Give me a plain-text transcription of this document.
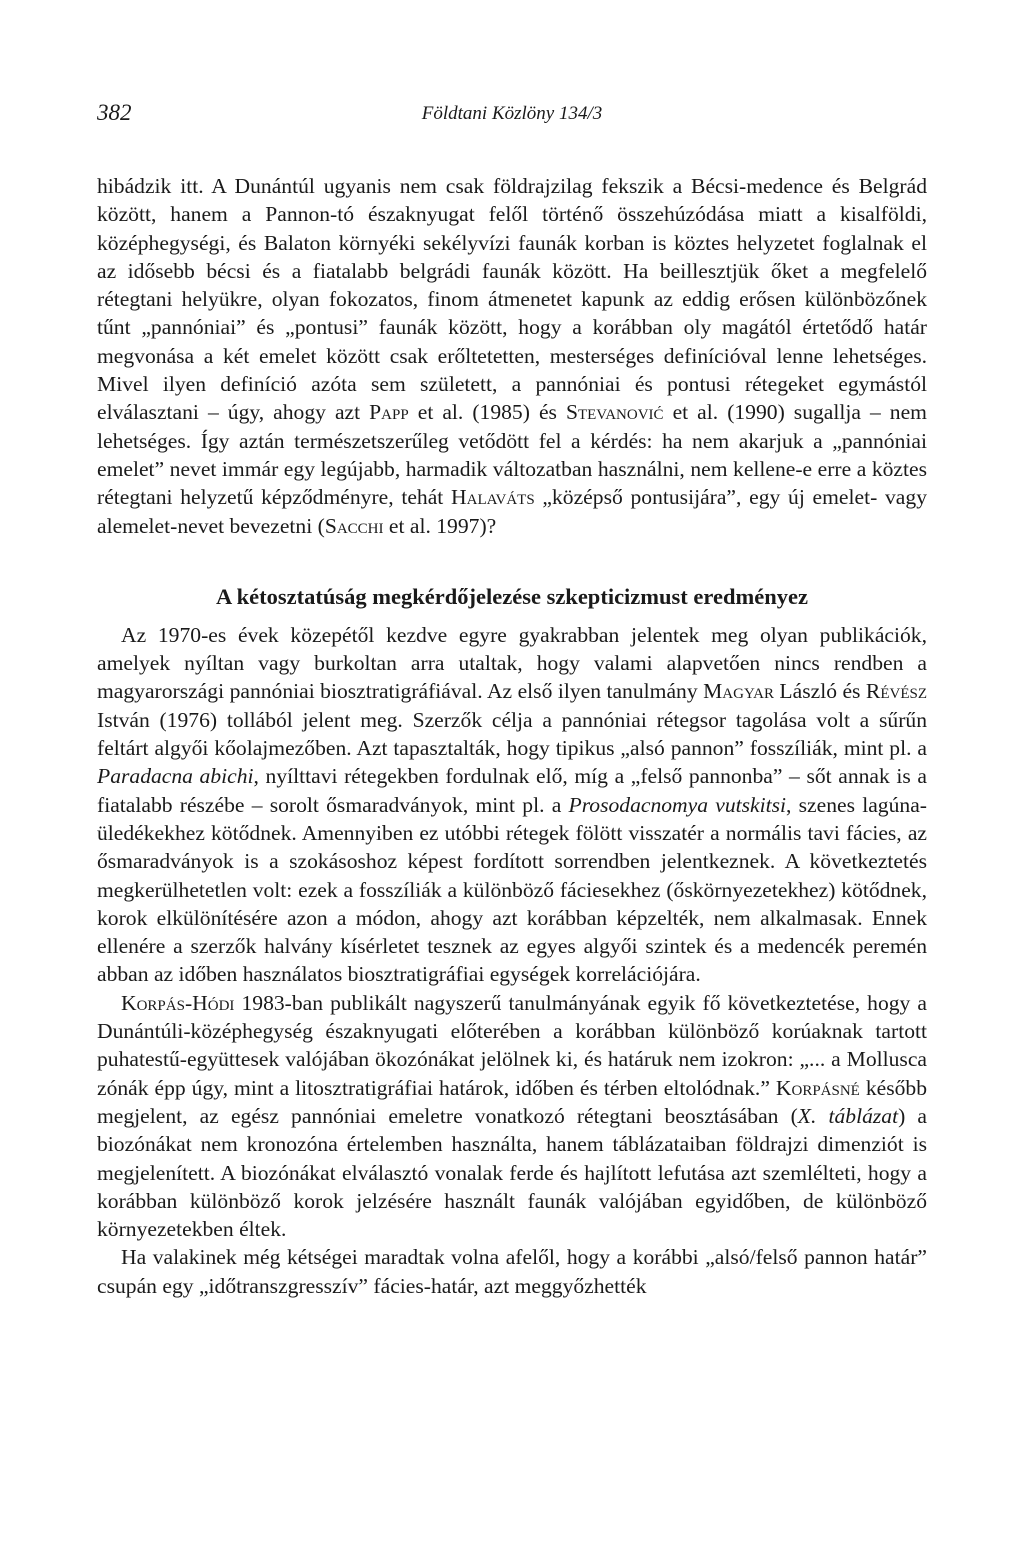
382	Földtani Közlöny 134/3

hibádzik itt. A Dunántúl ugyanis nem csak földrajzilag fekszik a Bécsi-medence és Belgrád között, hanem a Pannon-tó északnyugat felől történő összehúzódása miatt a kisalföldi, középhegységi, és Balaton környéki sekélyvízi faunák korban is köztes helyzetet foglalnak el az idősebb bécsi és a fiatalabb belgrádi faunák között. Ha beillesztjük őket a megfelelő rétegtani helyükre, olyan fokozatos, finom átmenetet kapunk az eddig erősen különbözőnek tűnt „pannóniai” és „pontusi” faunák között, hogy a korábban oly magától értetődő határ megvonása a két emelet között csak erőltetetten, mesterséges definícióval lenne lehetséges. Mivel ilyen definíció azóta sem született, a pannóniai és pontusi rétegeket egymástól elválasztani – úgy, ahogy azt Papp et al. (1985) és Stevanović et al. (1990) sugallja – nem lehetséges. Így aztán természetszerűleg vetődött fel a kérdés: ha nem akarjuk a „pannóniai emelet” nevet immár egy legújabb, harmadik változatban használni, nem kellene-e erre a köztes rétegtani helyzetű képződményre, tehát Halaváts „középső pontusijára”, egy új emelet- vagy alemelet-nevet bevezetni (Sacchi et al. 1997)?

A kétosztatúság megkérdőjelezése szkepticizmust eredményez

Az 1970-es évek közepétől kezdve egyre gyakrabban jelentek meg olyan publikációk, amelyek nyíltan vagy burkoltan arra utaltak, hogy valami alapvetően nincs rendben a magyarországi pannóniai biosztratigráfiával. Az első ilyen tanulmány Magyar László és Révész István (1976) tollából jelent meg. Szerzők célja a pannóniai rétegsor tagolása volt a sűrűn feltárt algyői kőolajmezőben. Azt tapasztalták, hogy tipikus „alsó pannon” fosszíliák, mint pl. a Paradacna abichi, nyílttavi rétegekben fordulnak elő, míg a „felső pannonba” – sőt annak is a fiatalabb részébe – sorolt ősmaradványok, mint pl. a Prosodacnomya vutskitsi, szenes lagúna-üledékekhez kötődnek. Amennyiben ez utóbbi rétegek fölött visszatér a normális tavi fácies, az ősmaradványok is a szokásoshoz képest fordított sorrendben jelentkeznek. A következtetés megkerülhetetlen volt: ezek a fosszíliák a különböző fáciesekhez (őskörnyezetekhez) kötődnek, korok elkülönítésére azon a módon, ahogy azt korábban képzelték, nem alkalmasak. Ennek ellenére a szerzők halvány kísérletet tesznek az egyes algyői szintek és a medencék peremén abban az időben használatos biosztratigráfiai egységek korrelációjára.

Korpás-Hódi 1983-ban publikált nagyszerű tanulmányának egyik fő következtetése, hogy a Dunántúli-középhegység északnyugati előterében a korábban különböző korúaknak tartott puhatestű-együttesek valójában ökozónákat jelölnek ki, és határuk nem izokron: „... a Mollusca zónák épp úgy, mint a litosztratigráfiai határok, időben és térben eltolódnak.” Korpásné később megjelent, az egész pannóniai emeletre vonatkozó rétegtani beosztásában (X. táblázat) a biozónákat nem kronozóna értelemben használta, hanem táblázataiban földrajzi dimenziót is megjelenített. A biozónákat elválasztó vonalak ferde és hajlított lefutása azt szemlélteti, hogy a korábban különböző korok jelzésére használt faunák valójában egyidőben, de különböző környezetekben éltek.

Ha valakinek még kétségei maradtak volna afelől, hogy a korábbi „alsó/felső pannon határ” csupán egy „időtranszgresszív” fácies-határ, azt meggyőzhették
